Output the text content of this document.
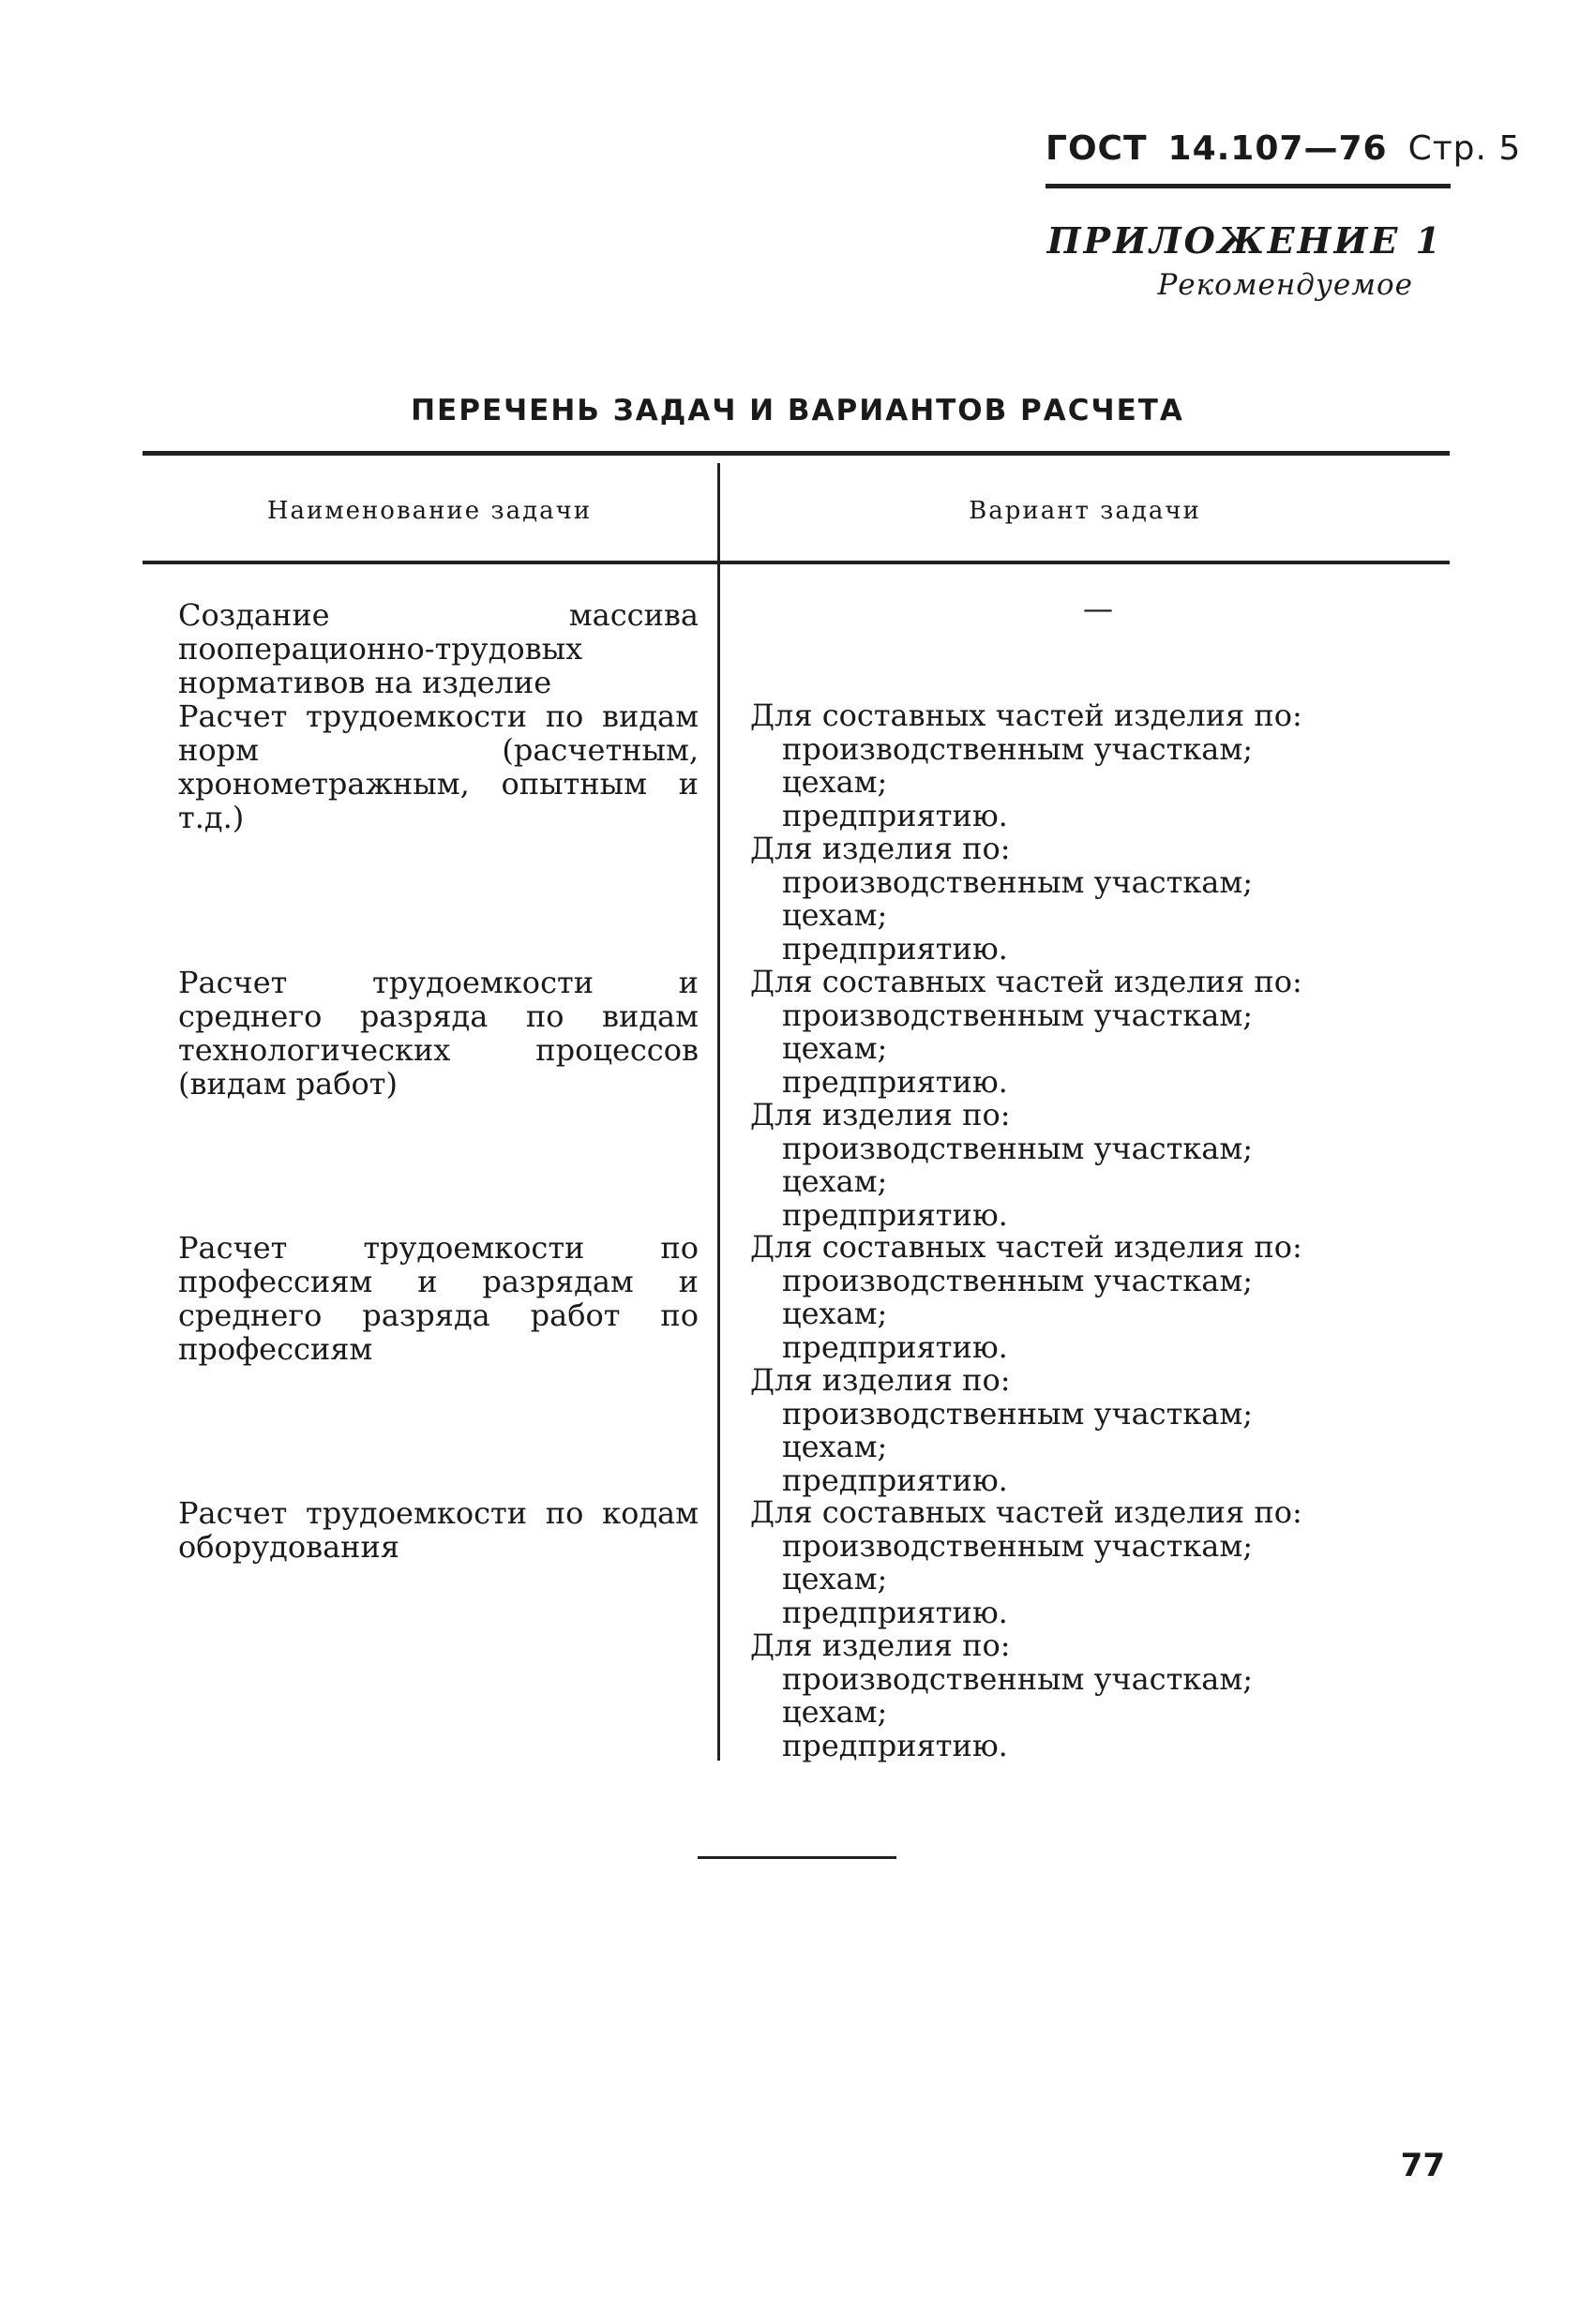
ГОСТ 14.107—76 Стр. 5
ПРИЛОЖЕНИЕ 1
Рекомендуемое
ПЕРЕЧЕНЬ ЗАДАЧ И ВАРИАНТОВ РАСЧЕТА
Наименование задачи	Вариант задачи
Создание массива пооперационно-трудовых нормативов на изделие
—
Расчет трудоемкости по видам норм (расчетным, хронометражным, опытным и т.д.)
Для составных частей изделия по:
производственным участкам;
цехам;
предприятию.
Для изделия по:
производственным участкам;
цехам;
предприятию.
Расчет трудоемкости и среднего разряда по видам технологических процессов (видам работ)
Для составных частей изделия по:
производственным участкам;
цехам;
предприятию.
Для изделия по:
производственным участкам;
цехам;
предприятию.
Расчет трудоемкости по профессиям и разрядам и среднего разряда работ по профессиям
Для составных частей изделия по:
производственным участкам;
цехам;
предприятию.
Для изделия по:
производственным участкам;
цехам;
предприятию.
Расчет трудоемкости по кодам оборудования
Для составных частей изделия по:
производственным участкам;
цехам;
предприятию.
Для изделия по:
производственным участкам;
цехам;
предприятию.
77
